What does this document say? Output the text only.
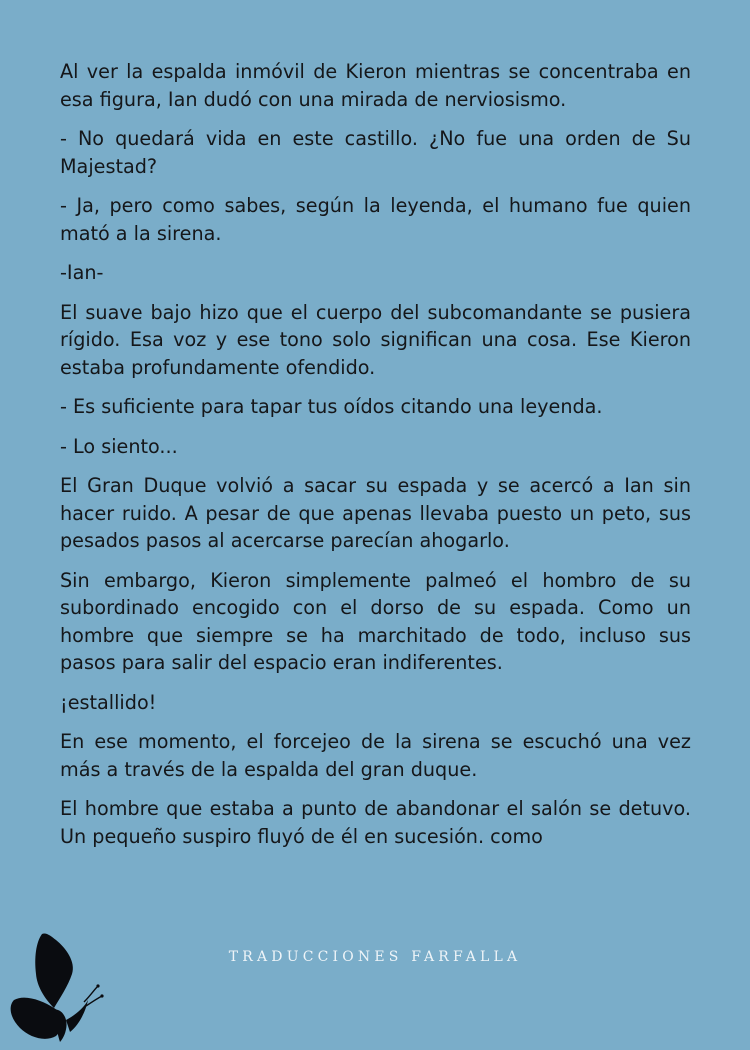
Al ver la espalda inmóvil de Kieron mientras se concentraba en esa figura, Ian dudó con una mirada de nerviosismo.

- No quedará vida en este castillo. ¿No fue una orden de Su Majestad?

- Ja, pero como sabes, según la leyenda, el humano fue quien mató a la sirena.

-Ian-

El suave bajo hizo que el cuerpo del subcomandante se pusiera rígido. Esa voz y ese tono solo significan una cosa. Ese Kieron estaba profundamente ofendido.

- Es suficiente para tapar tus oídos citando una leyenda.

- Lo siento...

El Gran Duque volvió a sacar su espada y se acercó a Ian sin hacer ruido. A pesar de que apenas llevaba puesto un peto, sus pesados pasos al acercarse parecían ahogarlo.

Sin embargo, Kieron simplemente palmeó el hombro de su subordinado encogido con el dorso de su espada. Como un hombre que siempre se ha marchitado de todo, incluso sus pasos para salir del espacio eran indiferentes.

¡estallido!

En ese momento, el forcejeo de la sirena se escuchó una vez más a través de la espalda del gran duque.

El hombre que estaba a punto de abandonar el salón se detuvo. Un pequeño suspiro fluyó de él en sucesión. como

TRADUCCIONES FARFALLA
